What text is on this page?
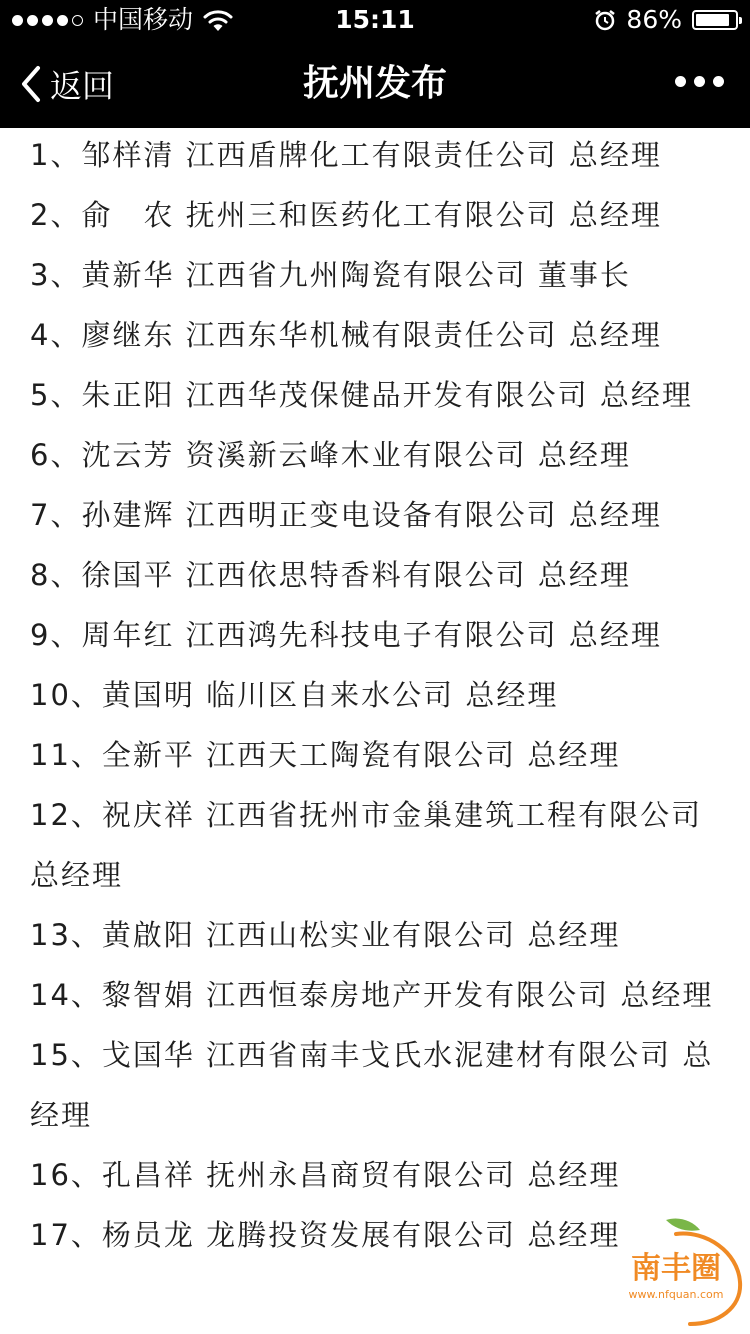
中国移动	15:11	86%
返回	抚州发布
1、邹样清 江西盾牌化工有限责任公司 总经理
2、俞　农 抚州三和医药化工有限公司 总经理
3、黄新华 江西省九州陶瓷有限公司 董事长
4、廖继东 江西东华机械有限责任公司 总经理
5、朱正阳 江西华茂保健品开发有限公司 总经理
6、沈云芳 资溪新云峰木业有限公司 总经理
7、孙建辉 江西明正变电设备有限公司 总经理
8、徐国平 江西依思特香料有限公司 总经理
9、周年红 江西鸿先科技电子有限公司 总经理
10、黄国明 临川区自来水公司 总经理
11、全新平 江西天工陶瓷有限公司 总经理
12、祝庆祥 江西省抚州市金巢建筑工程有限公司 总经理
13、黄啟阳 江西山松实业有限公司 总经理
14、黎智娟 江西恒泰房地产开发有限公司 总经理
15、戈国华 江西省南丰戈氏水泥建材有限公司 总经理
16、孔昌祥 抚州永昌商贸有限公司 总经理
17、杨员龙 龙腾投资发展有限公司 总经理
南丰圈
www.nfquan.com
